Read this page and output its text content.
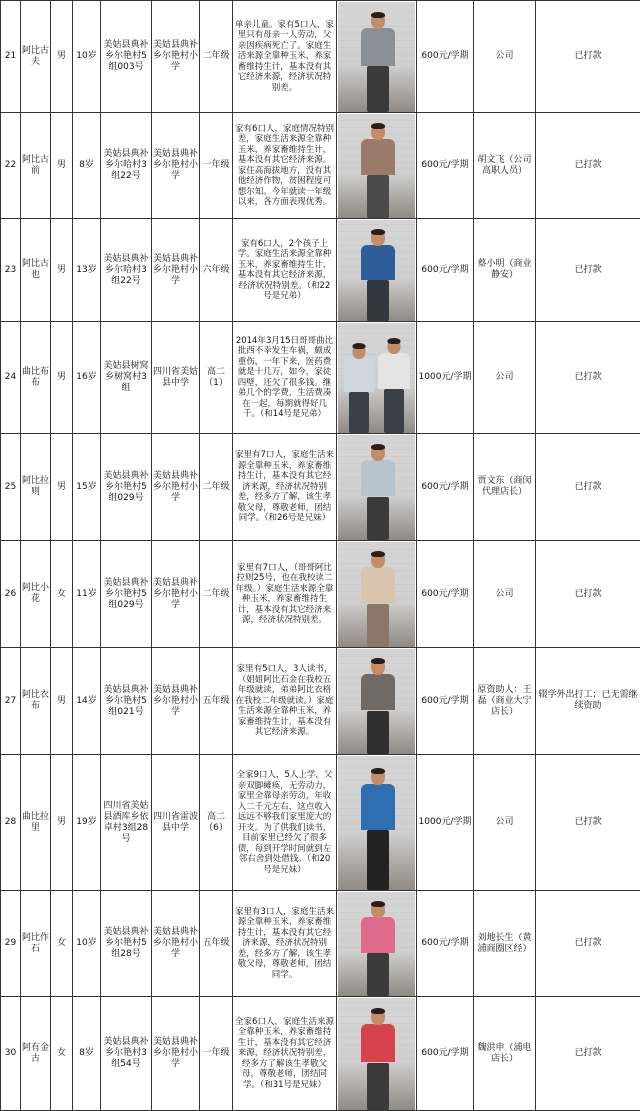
21	阿比古夫	男	10岁	美姑县典补乡尔艳村5组003号	美姑县典补乡尔艳村小学	二年级	单亲儿童。家有5口人，家里只有母亲一人劳动，父亲因疾病死亡了。家庭生活来源全靠种玉米，养家畜维持生计，基本没有其它经济来源，经济状况特别差。		600元/学期	公司	已打款
22	阿比古前	男	8岁	美姑县典补乡尔哈村3组22号	美姑县典补乡尔艳村小学	一年级	家有6口人，家庭情况特别差，家庭生活来源全靠种玉米，养家畜维持生计，基本没有其它经济来源。家住高海拔地方，没有其他经济作物，贫困程度可想尔知。今年就读一年级以来，各方面表现优秀。		600元/学期	胡文飞（公司高职人员）	已打款
23	阿比古也	男	13岁	美姑县典补乡尔哈村3组22号	美姑县典补乡尔艳村小学	六年级	家有6口人，2个孩子上学。家庭生活来源全靠种玉米，养家畜维持生计，基本没有其它经济来源，经济状况特别差。（和22号是兄弟）		600元/学期	蔡小明（商业静安）	已打款
24	曲比布布	男	16岁	美姑县树窝乡树窝村3组	四川省美姑县中学	高二（1）	2014年3月15日哥哥曲比批西不幸发生车祸，颇成重伤，一年下来，医药费就是十几万，如今，家徒四壁，还欠了很多钱。继弟几个的学费，生活费凑在一起，每期就得好几千。（和14号是兄弟）		1000元/学期	公司	已打款
25	阿比拉则	男	15岁	美姑县典补乡尔艳村5组029号	美姑县典补乡尔艳村小学	二年级	家里有7口人，家庭生活来源全靠种玉米，养家畜维持生计，基本没有其它经济来源，经济状况特别差，经多方了解，该生孝敬父母，尊敬老师，团结同学。（和26号是兄妹）		600元/学期	贾文东（商闵代理店长）	已打款
26	阿比小花	女	11岁	美姑县典补乡尔艳村5组029号	美姑县典补乡尔艳村小学	二年级	家里有7口人，（哥哥阿比拉则25号，也在我校读二年级。）家庭生活来源全靠种玉米，养家畜维持生计，基本没有其它经济来源，经济状况特别差。		600元/学期	公司	已打款
27	阿比衣布	男	14岁	美姑县典补乡尔艳村5组021号	美姑县典补乡尔艳村小学	五年级	家里有5口人，3人读书，（姐姐阿比石金在我校五年级就读，弟弟阿比衣格在我校二年级就读。）家庭生活来源全靠种玉米，养家畜维持生计，基本没有其它经济来源。		600元/学期	原资助人：王磊（商业大宁店长）	辍学外出打工；已无需继续资助
28	曲比拉里	男	19岁	四川省美姑县酒库乡依卓村3组28号	四川省雷波县中学	高二（6）	全家9口人，5人上学，父亲双脚瘫痪，无劳动力，家里全靠母亲劳动，年收入二千元左右，这点收入远远不够我们家里庞大的开支。为了供我们读书，目前家里已经欠了很多债，每到开学时间就到左邻右舍到处借钱。（和20号是兄妹）		1000元/学期	公司	已打款
29	阿比作石	女	10岁	美姑县典补乡尔艳村5组28号	美姑县典补乡尔艳村小学	五年级	家里有3口人，家庭生活来源全靠种玉米，养家畜维持生计，基本没有其它经济来源，经济状况特别差，经多方了解，该生孝敬父母，尊敬老师，团结同学。		600元/学期	刘地长生（黄浦商圈区经）	已打款
30	阿有金古	女	8岁	美姑县典补乡尔艳村3组54号	美姑县典补乡尔艳村小学	一年级	全家6口人，家庭生活来源全靠种玉米，养家畜维持生计，基本没有其它经济来源，经济状况特别差，经多方了解该生孝敬父母，尊敬老师，团结同学。（和31号是兄妹）		600元/学期	魏洪申（浦电店长）	已打款
